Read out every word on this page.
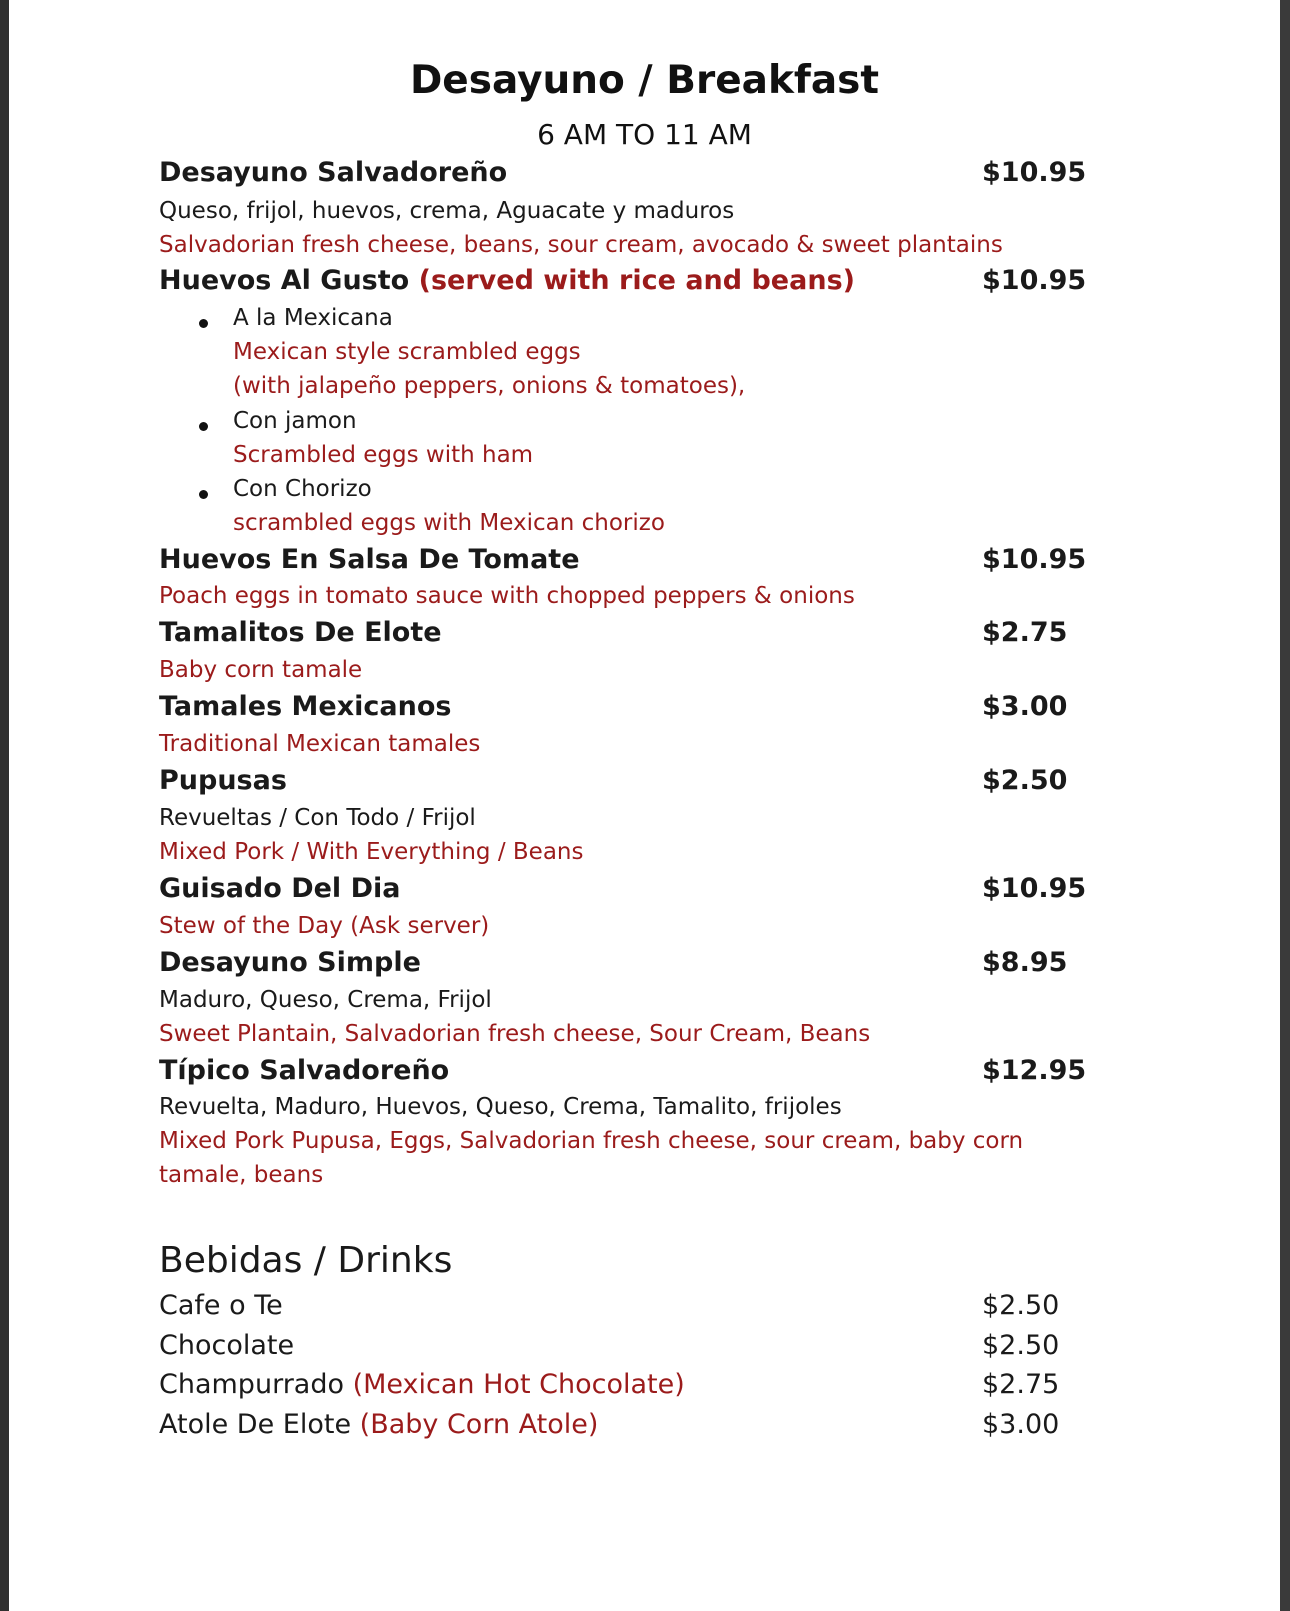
Desayuno / Breakfast
6 AM TO 11 AM
Desayuno Salvadoreño	$10.95
Queso, frijol, huevos, crema, Aguacate y maduros
Salvadorian fresh cheese, beans, sour cream, avocado & sweet plantains
Huevos Al Gusto (served with rice and beans)	$10.95
A la Mexicana
Mexican style scrambled eggs
(with jalapeño peppers, onions & tomatoes),
Con jamon
Scrambled eggs with ham
Con Chorizo
scrambled eggs with Mexican chorizo
Huevos En Salsa De Tomate	$10.95
Poach eggs in tomato sauce with chopped peppers & onions
Tamalitos De Elote	$2.75
Baby corn tamale
Tamales Mexicanos	$3.00
Traditional Mexican tamales
Pupusas	$2.50
Revueltas / Con Todo / Frijol
Mixed Pork / With Everything / Beans
Guisado Del Dia	$10.95
Stew of the Day (Ask server)
Desayuno Simple	$8.95
Maduro, Queso, Crema, Frijol
Sweet Plantain, Salvadorian fresh cheese, Sour Cream, Beans
Típico Salvadoreño	$12.95
Revuelta, Maduro, Huevos, Queso, Crema, Tamalito, frijoles
Mixed Pork Pupusa, Eggs, Salvadorian fresh cheese, sour cream, baby corn
tamale, beans
Bebidas / Drinks
Cafe o Te	$2.50
Chocolate	$2.50
Champurrado (Mexican Hot Chocolate)	$2.75
Atole De Elote (Baby Corn Atole)	$3.00
